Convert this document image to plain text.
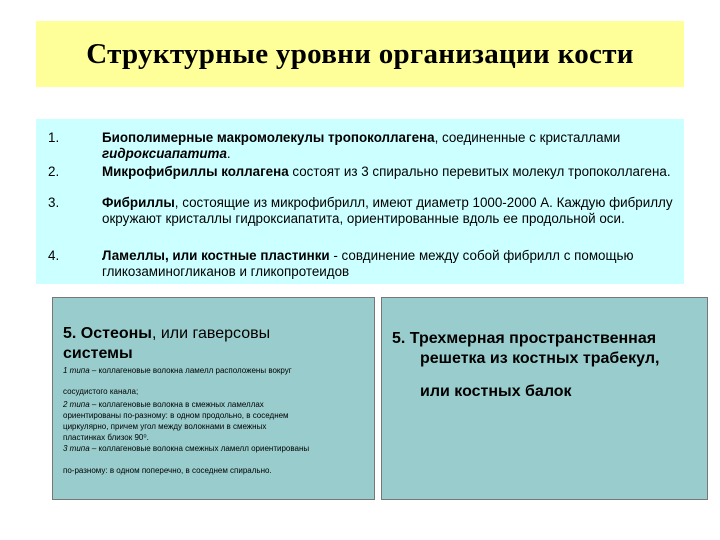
Структурные уровни организации кости
1.	Биополимерные макромолекулы тропоколлагена, соединенные с кристаллами гидроксиапатита.
2.	Микрофибриллы коллагена состоят из 3 спирально перевитых молекул тропоколлагена.
3.	Фибриллы, состоящие из микрофибрилл, имеют диаметр 1000-2000 А. Каждую фибриллу окружают кристаллы гидроксиапатита, ориентированные вдоль ее продольной оси.
4.	Ламеллы, или костные пластинки - совдинение между собой фибрилл с помощью гликозаминогликанов и гликопротеидов
5. Остеоны, или гаверсовы
системы
1 типа – коллагеновые волокна ламелл расположены вокруг
сосудистого канала;
2 типа – коллагеновые волокна в смежных ламеллах
ориентированы по-разному: в одном продольно, в соседнем
циркулярно, причем угол между волокнами в смежных
пластинках близок 90⁰.
3 типа – коллагеновые волокна смежных ламелл ориентированы
по-разному: в одном поперечно, в соседнем спирально.
5. Трехмерная пространственная
решетка из костных трабекул,
или костных балок
